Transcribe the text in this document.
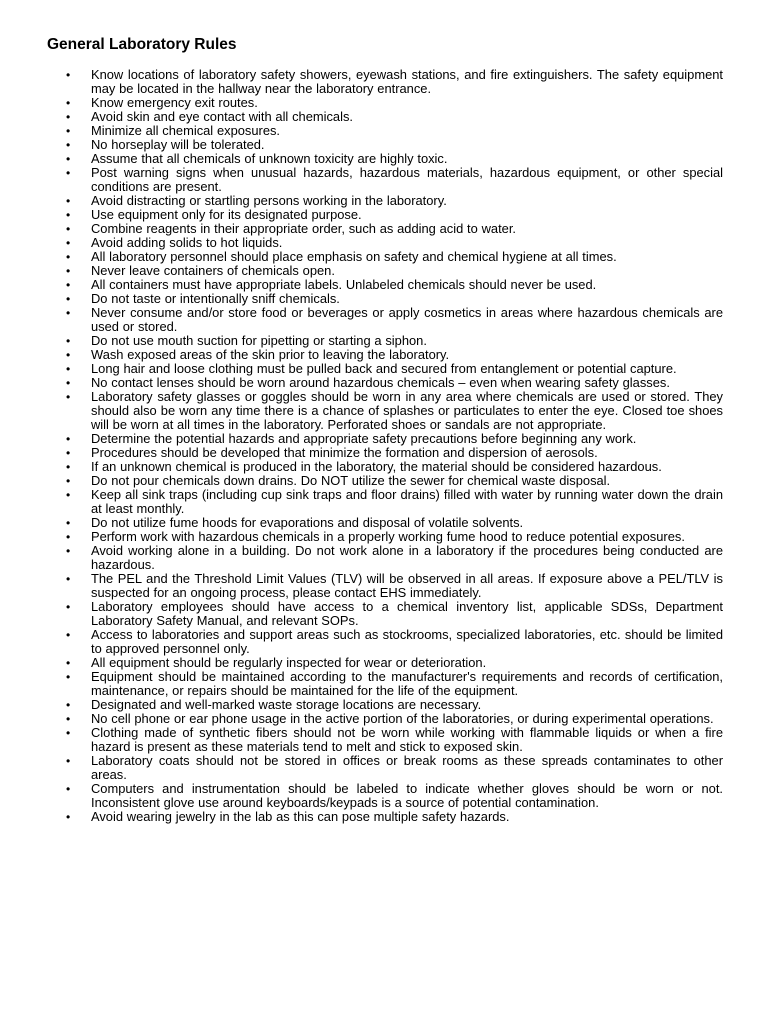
General Laboratory Rules
• Know locations of laboratory safety showers, eyewash stations, and fire extinguishers. The safety equipment may be located in the hallway near the laboratory entrance.
• Know emergency exit routes.
• Avoid skin and eye contact with all chemicals.
• Minimize all chemical exposures.
• No horseplay will be tolerated.
• Assume that all chemicals of unknown toxicity are highly toxic.
• Post warning signs when unusual hazards, hazardous materials, hazardous equipment, or other special conditions are present.
• Avoid distracting or startling persons working in the laboratory.
• Use equipment only for its designated purpose.
• Combine reagents in their appropriate order, such as adding acid to water.
• Avoid adding solids to hot liquids.
• All laboratory personnel should place emphasis on safety and chemical hygiene at all times.
• Never leave containers of chemicals open.
• All containers must have appropriate labels. Unlabeled chemicals should never be used.
• Do not taste or intentionally sniff chemicals.
• Never consume and/or store food or beverages or apply cosmetics in areas where hazardous chemicals are used or stored.
• Do not use mouth suction for pipetting or starting a siphon.
• Wash exposed areas of the skin prior to leaving the laboratory.
• Long hair and loose clothing must be pulled back and secured from entanglement or potential capture.
• No contact lenses should be worn around hazardous chemicals – even when wearing safety glasses.
• Laboratory safety glasses or goggles should be worn in any area where chemicals are used or stored. They should also be worn any time there is a chance of splashes or particulates to enter the eye. Closed toe shoes will be worn at all times in the laboratory. Perforated shoes or sandals are not appropriate.
• Determine the potential hazards and appropriate safety precautions before beginning any work.
• Procedures should be developed that minimize the formation and dispersion of aerosols.
• If an unknown chemical is produced in the laboratory, the material should be considered hazardous.
• Do not pour chemicals down drains. Do NOT utilize the sewer for chemical waste disposal.
• Keep all sink traps (including cup sink traps and floor drains) filled with water by running water down the drain at least monthly.
• Do not utilize fume hoods for evaporations and disposal of volatile solvents.
• Perform work with hazardous chemicals in a properly working fume hood to reduce potential exposures.
• Avoid working alone in a building. Do not work alone in a laboratory if the procedures being conducted are hazardous.
• The PEL and the Threshold Limit Values (TLV) will be observed in all areas. If exposure above a PEL/TLV is suspected for an ongoing process, please contact EHS immediately.
• Laboratory employees should have access to a chemical inventory list, applicable SDSs, Department Laboratory Safety Manual, and relevant SOPs.
• Access to laboratories and support areas such as stockrooms, specialized laboratories, etc. should be limited to approved personnel only.
• All equipment should be regularly inspected for wear or deterioration.
• Equipment should be maintained according to the manufacturer's requirements and records of certification, maintenance, or repairs should be maintained for the life of the equipment.
• Designated and well-marked waste storage locations are necessary.
• No cell phone or ear phone usage in the active portion of the laboratories, or during experimental operations.
• Clothing made of synthetic fibers should not be worn while working with flammable liquids or when a fire hazard is present as these materials tend to melt and stick to exposed skin.
• Laboratory coats should not be stored in offices or break rooms as these spreads contaminates to other areas.
• Computers and instrumentation should be labeled to indicate whether gloves should be worn or not. Inconsistent glove use around keyboards/keypads is a source of potential contamination.
• Avoid wearing jewelry in the lab as this can pose multiple safety hazards.
